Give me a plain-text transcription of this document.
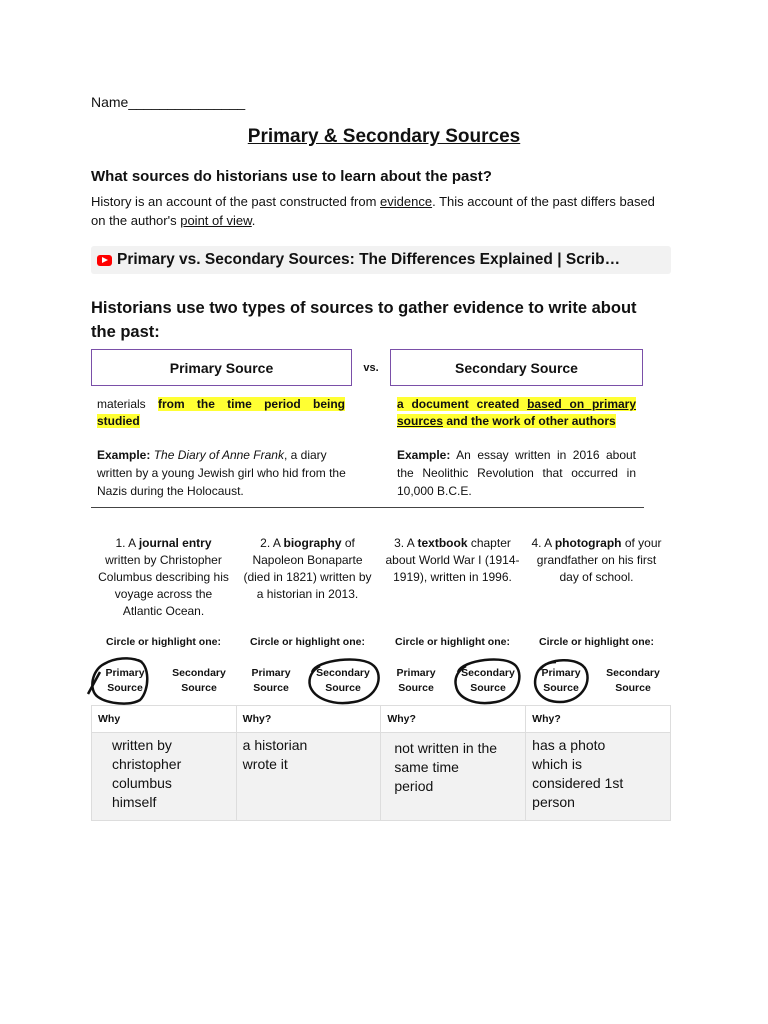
Name_______________
Primary & Secondary Sources
What sources do historians use to learn about the past?
History is an account of the past constructed from evidence. This account of the past differs based on the author's point of view.
Primary vs. Secondary Sources: The Differences Explained | Scrib…
Historians use two types of sources to gather evidence to write about the past:
Primary Source	vs.	Secondary Source
materials from the time period being studied
a document created based on primary sources and the work of other authors
Example: The Diary of Anne Frank, a diary written by a young Jewish girl who hid from the Nazis during the Holocaust.
Example: An essay written in 2016 about the Neolithic Revolution that occurred in 10,000 B.C.E.
1. A journal entry written by Christopher Columbus describing his voyage across the Atlantic Ocean.
2. A biography of Napoleon Bonaparte (died in 1821) written by a historian in 2013.
3. A textbook chapter about World War I (1914-1919), written in 1996.
4. A photograph of your grandfather on his first day of school.
Circle or highlight one:	Circle or highlight one:	Circle or highlight one:	Circle or highlight one:
Primary
Source
Secondary
Source
Primary
Source
Secondary
Source
Primary
Source
Secondary
Source
Primary
Source
Secondary
Source
Why	Why?	Why?	Why?

written by christopher columbus himself	a historian wrote it	not written in the same time period	has a photo which is considered 1st person
